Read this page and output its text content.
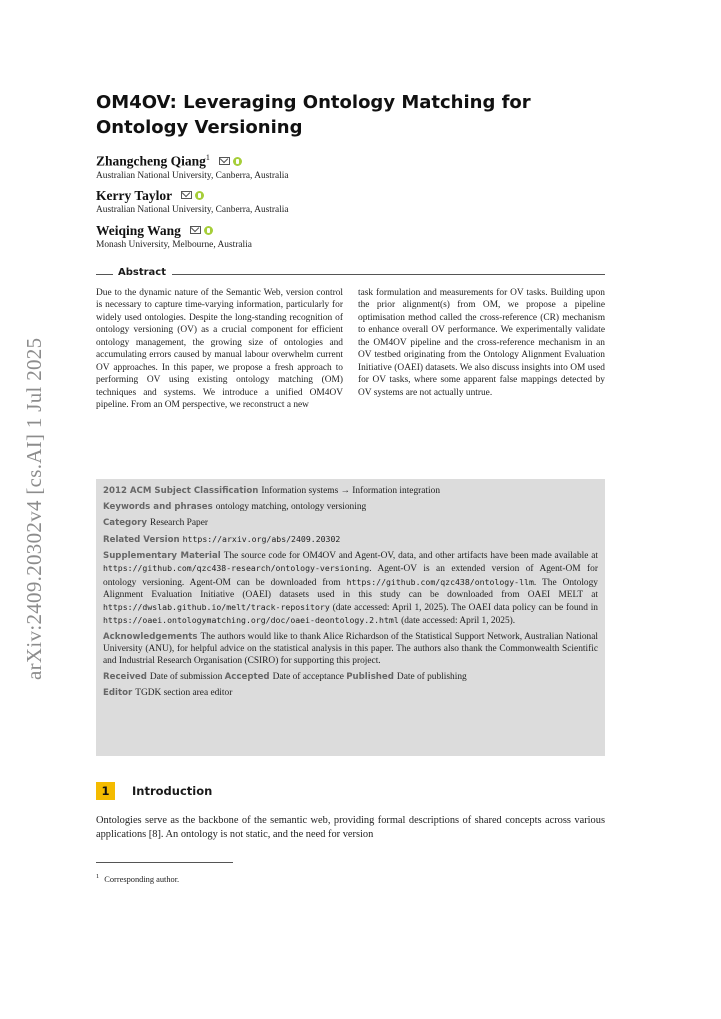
arXiv:2409.20302v4 [cs.AI] 1 Jul 2025
OM4OV: Leveraging Ontology Matching for Ontology Versioning
Zhangcheng Qiang$^1$
Australian National University, Canberra, Australia
Kerry Taylor
Australian National University, Canberra, Australia
Weiqing Wang
Monash University, Melbourne, Australia
Abstract
Due to the dynamic nature of the Semantic Web, version control is necessary to capture time-varying information, particularly for widely used ontologies. Despite the long-standing recognition of ontology versioning (OV) as a crucial component for efficient ontology management, the growing size of ontologies and accumulating errors caused by manual labour overwhelm current OV approaches. In this paper, we propose a fresh approach to performing OV using existing ontology matching (OM) techniques and systems. We introduce a unified OM4OV pipeline. From an OM perspective, we reconstruct a new
task formulation and measurements for OV tasks. Building upon the prior alignment(s) from OM, we propose a pipeline optimisation method called the cross-reference (CR) mechanism to enhance overall OV performance. We experimentally validate the OM4OV pipeline and the cross-reference mechanism in an OV testbed originating from the Ontology Alignment Evaluation Initiative (OAEI) datasets. We also discuss insights into OM used for OV tasks, where some apparent false mappings detected by OV systems are not actually untrue.

2012 ACM Subject Classification Information systems → Information integration

Keywords and phrases ontology matching, ontology versioning

Category Research Paper

Related Version https://arxiv.org/abs/2409.20302

Supplementary Material The source code for OM4OV and Agent-OV, data, and other artifacts have been made available at https://github.com/qzc438-research/ontology-versioning. Agent-OV is an extended version of Agent-OM for ontology versioning. Agent-OM can be downloaded from https://github.com/qzc438/ontology-llm. The Ontology Alignment Evaluation Initiative (OAEI) datasets used in this study can be downloaded from OAEI MELT at https://dwslab.github.io/melt/track-repository (date accessed: April 1, 2025). The OAEI data policy can be found in https://oaei.ontologymatching.org/doc/oaei-deontology.2.html (date accessed: April 1, 2025).

Acknowledgements The authors would like to thank Alice Richardson of the Statistical Support Network, Australian National University (ANU), for helpful advice on the statistical analysis in this paper. The authors also thank the Commonwealth Scientific and Industrial Research Organisation (CSIRO) for supporting this project.

Received Date of submission Accepted Date of acceptance Published Date of publishing

Editor TGDK section area editor

1	Introduction

Ontologies serve as the backbone of the semantic web, providing formal descriptions of shared concepts across various applications [8]. An ontology is not static, and the need for version

$^1$ Corresponding author.
